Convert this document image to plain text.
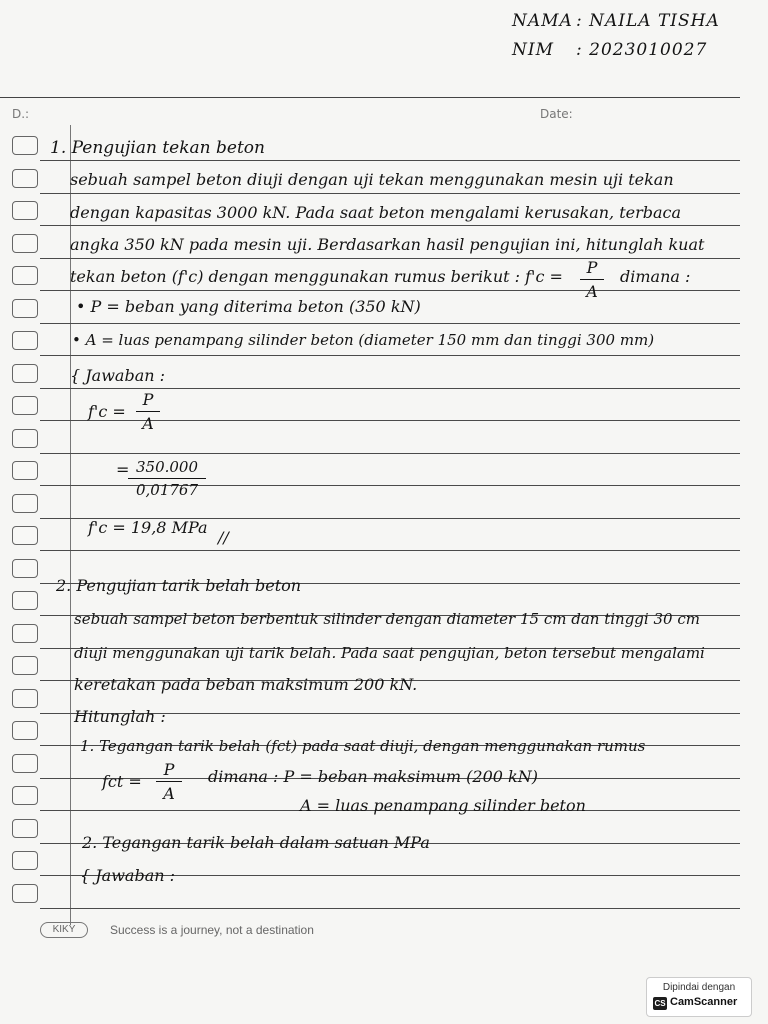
NAMA : NAILA TISHA
NIM : 2023010027
D.:	Date:
1. Pengujian tekan beton
sebuah sampel beton diuji dengan uji tekan menggunakan mesin uji tekan
dengan kapasitas 3000 kN. Pada saat beton mengalami kerusakan, terbaca
angka 350 kN pada mesin uji. Berdasarkan hasil pengujian ini, hitunglah kuat
tekan beton (f'c) dengan menggunakan rumus berikut : f'c =	P
A
dimana :
• P = beban yang diterima beton (350 kN)
• A = luas penampang silinder beton (diameter 150 mm dan tinggi 300 mm)
{ Jawaban :
f'c =
P
A
= 350.000
0,01767
f'c = 19,8 MPa
//
2. Pengujian tarik belah beton
sebuah sampel beton berbentuk silinder dengan diameter 15 cm dan tinggi 30 cm
diuji menggunakan uji tarik belah. Pada saat pengujian, beton tersebut mengalami
keretakan pada beban maksimum 200 kN.
Hitunglah :
1. Tegangan tarik belah (fct) pada saat diuji, dengan menggunakan rumus
fct =
P
A
dimana : P = beban maksimum (200 kN)
A = luas penampang silinder beton
2. Tegangan tarik belah dalam satuan MPa
{ Jawaban :
KIKY	Success is a journey, not a destination
Dipindai dengan
CS CamScanner
